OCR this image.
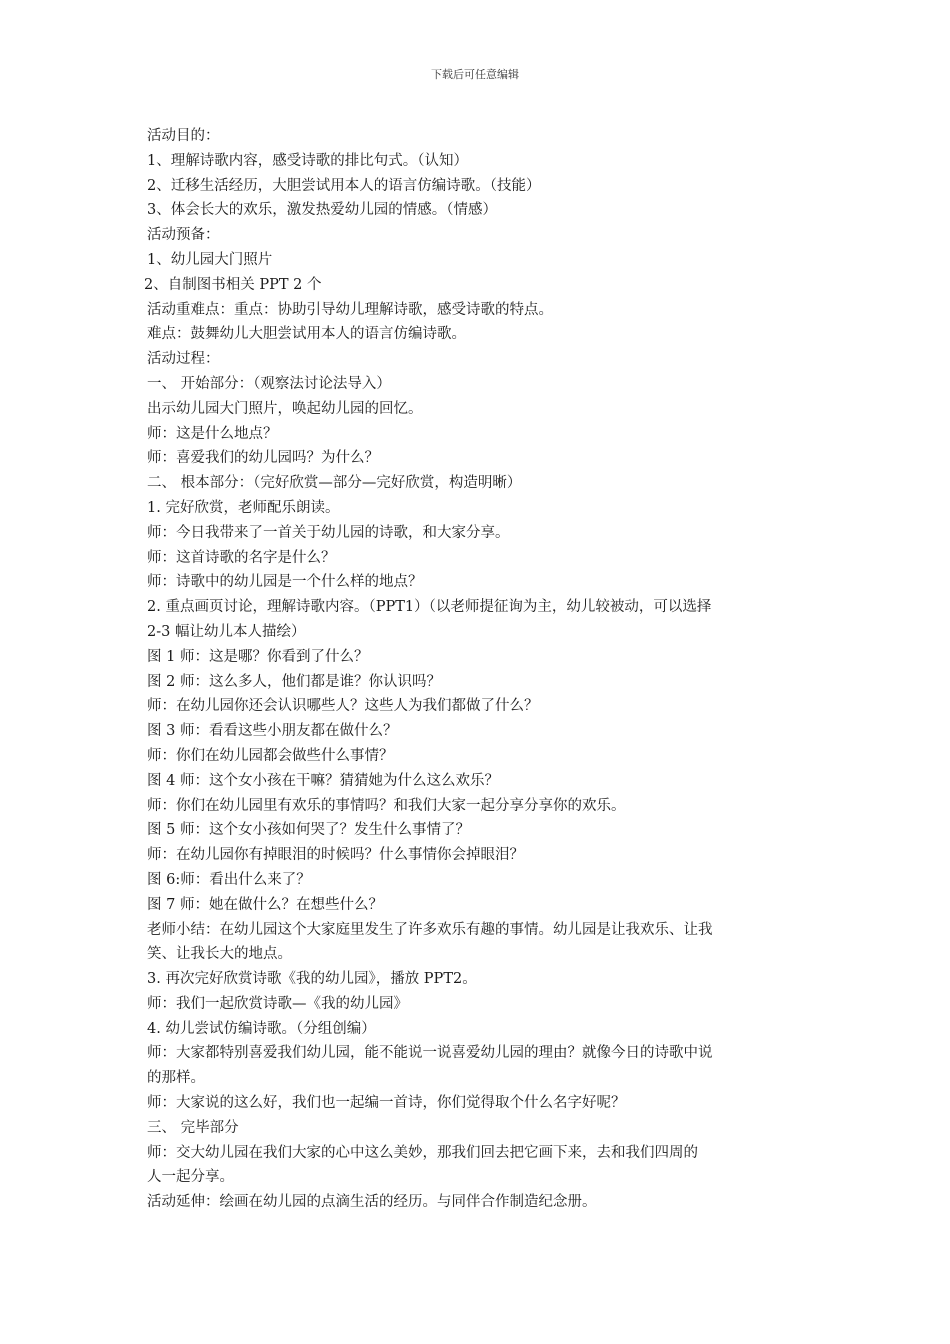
下载后可任意编辑
活动目的：
1、理解诗歌内容，感受诗歌的排比句式。（认知）
2、迁移生活经历，大胆尝试用本人的语言仿编诗歌。（技能）
3、体会长大的欢乐，激发热爱幼儿园的情感。（情感）
活动预备：
1、幼儿园大门照片
2、自制图书相关 PPT 2 个
活动重难点：重点：协助引导幼儿理解诗歌，感受诗歌的特点。
难点：鼓舞幼儿大胆尝试用本人的语言仿编诗歌。
活动过程：
一、 开始部分：（观察法讨论法导入）
出示幼儿园大门照片，唤起幼儿园的回忆。
师：这是什么地点？
师：喜爱我们的幼儿园吗？为什么？
二、 根本部分：（完好欣赏—部分—完好欣赏，构造明晰）
1. 完好欣赏，老师配乐朗读。
师：今日我带来了一首关于幼儿园的诗歌，和大家分享。
师：这首诗歌的名字是什么？
师：诗歌中的幼儿园是一个什么样的地点？
2. 重点画页讨论，理解诗歌内容。（PPT1）（以老师提征询为主，幼儿较被动，可以选择
2-3 幅让幼儿本人描绘）
图 1 师：这是哪？你看到了什么？
图 2 师：这么多人，他们都是谁？你认识吗？
师：在幼儿园你还会认识哪些人？这些人为我们都做了什么？
图 3 师：看看这些小朋友都在做什么？
师：你们在幼儿园都会做些什么事情？
图 4 师：这个女小孩在干嘛？猜猜她为什么这么欢乐？
师：你们在幼儿园里有欢乐的事情吗？和我们大家一起分享分享你的欢乐。
图 5 师：这个女小孩如何哭了？发生什么事情了？
师：在幼儿园你有掉眼泪的时候吗？什么事情你会掉眼泪？
图 6:师：看出什么来了？
图 7 师：她在做什么？在想些什么？
老师小结：在幼儿园这个大家庭里发生了许多欢乐有趣的事情。幼儿园是让我欢乐、让我
笑、让我长大的地点。
3. 再次完好欣赏诗歌《我的幼儿园》，播放 PPT2。
师：我们一起欣赏诗歌—《我的幼儿园》
4. 幼儿尝试仿编诗歌。（分组创编）
师：大家都特别喜爱我们幼儿园，能不能说一说喜爱幼儿园的理由？就像今日的诗歌中说
的那样。
师：大家说的这么好，我们也一起编一首诗，你们觉得取个什么名字好呢？
三、 完毕部分
师：交大幼儿园在我们大家的心中这么美妙，那我们回去把它画下来，去和我们四周的
人一起分享。
活动延伸：绘画在幼儿园的点滴生活的经历。与同伴合作制造纪念册。
